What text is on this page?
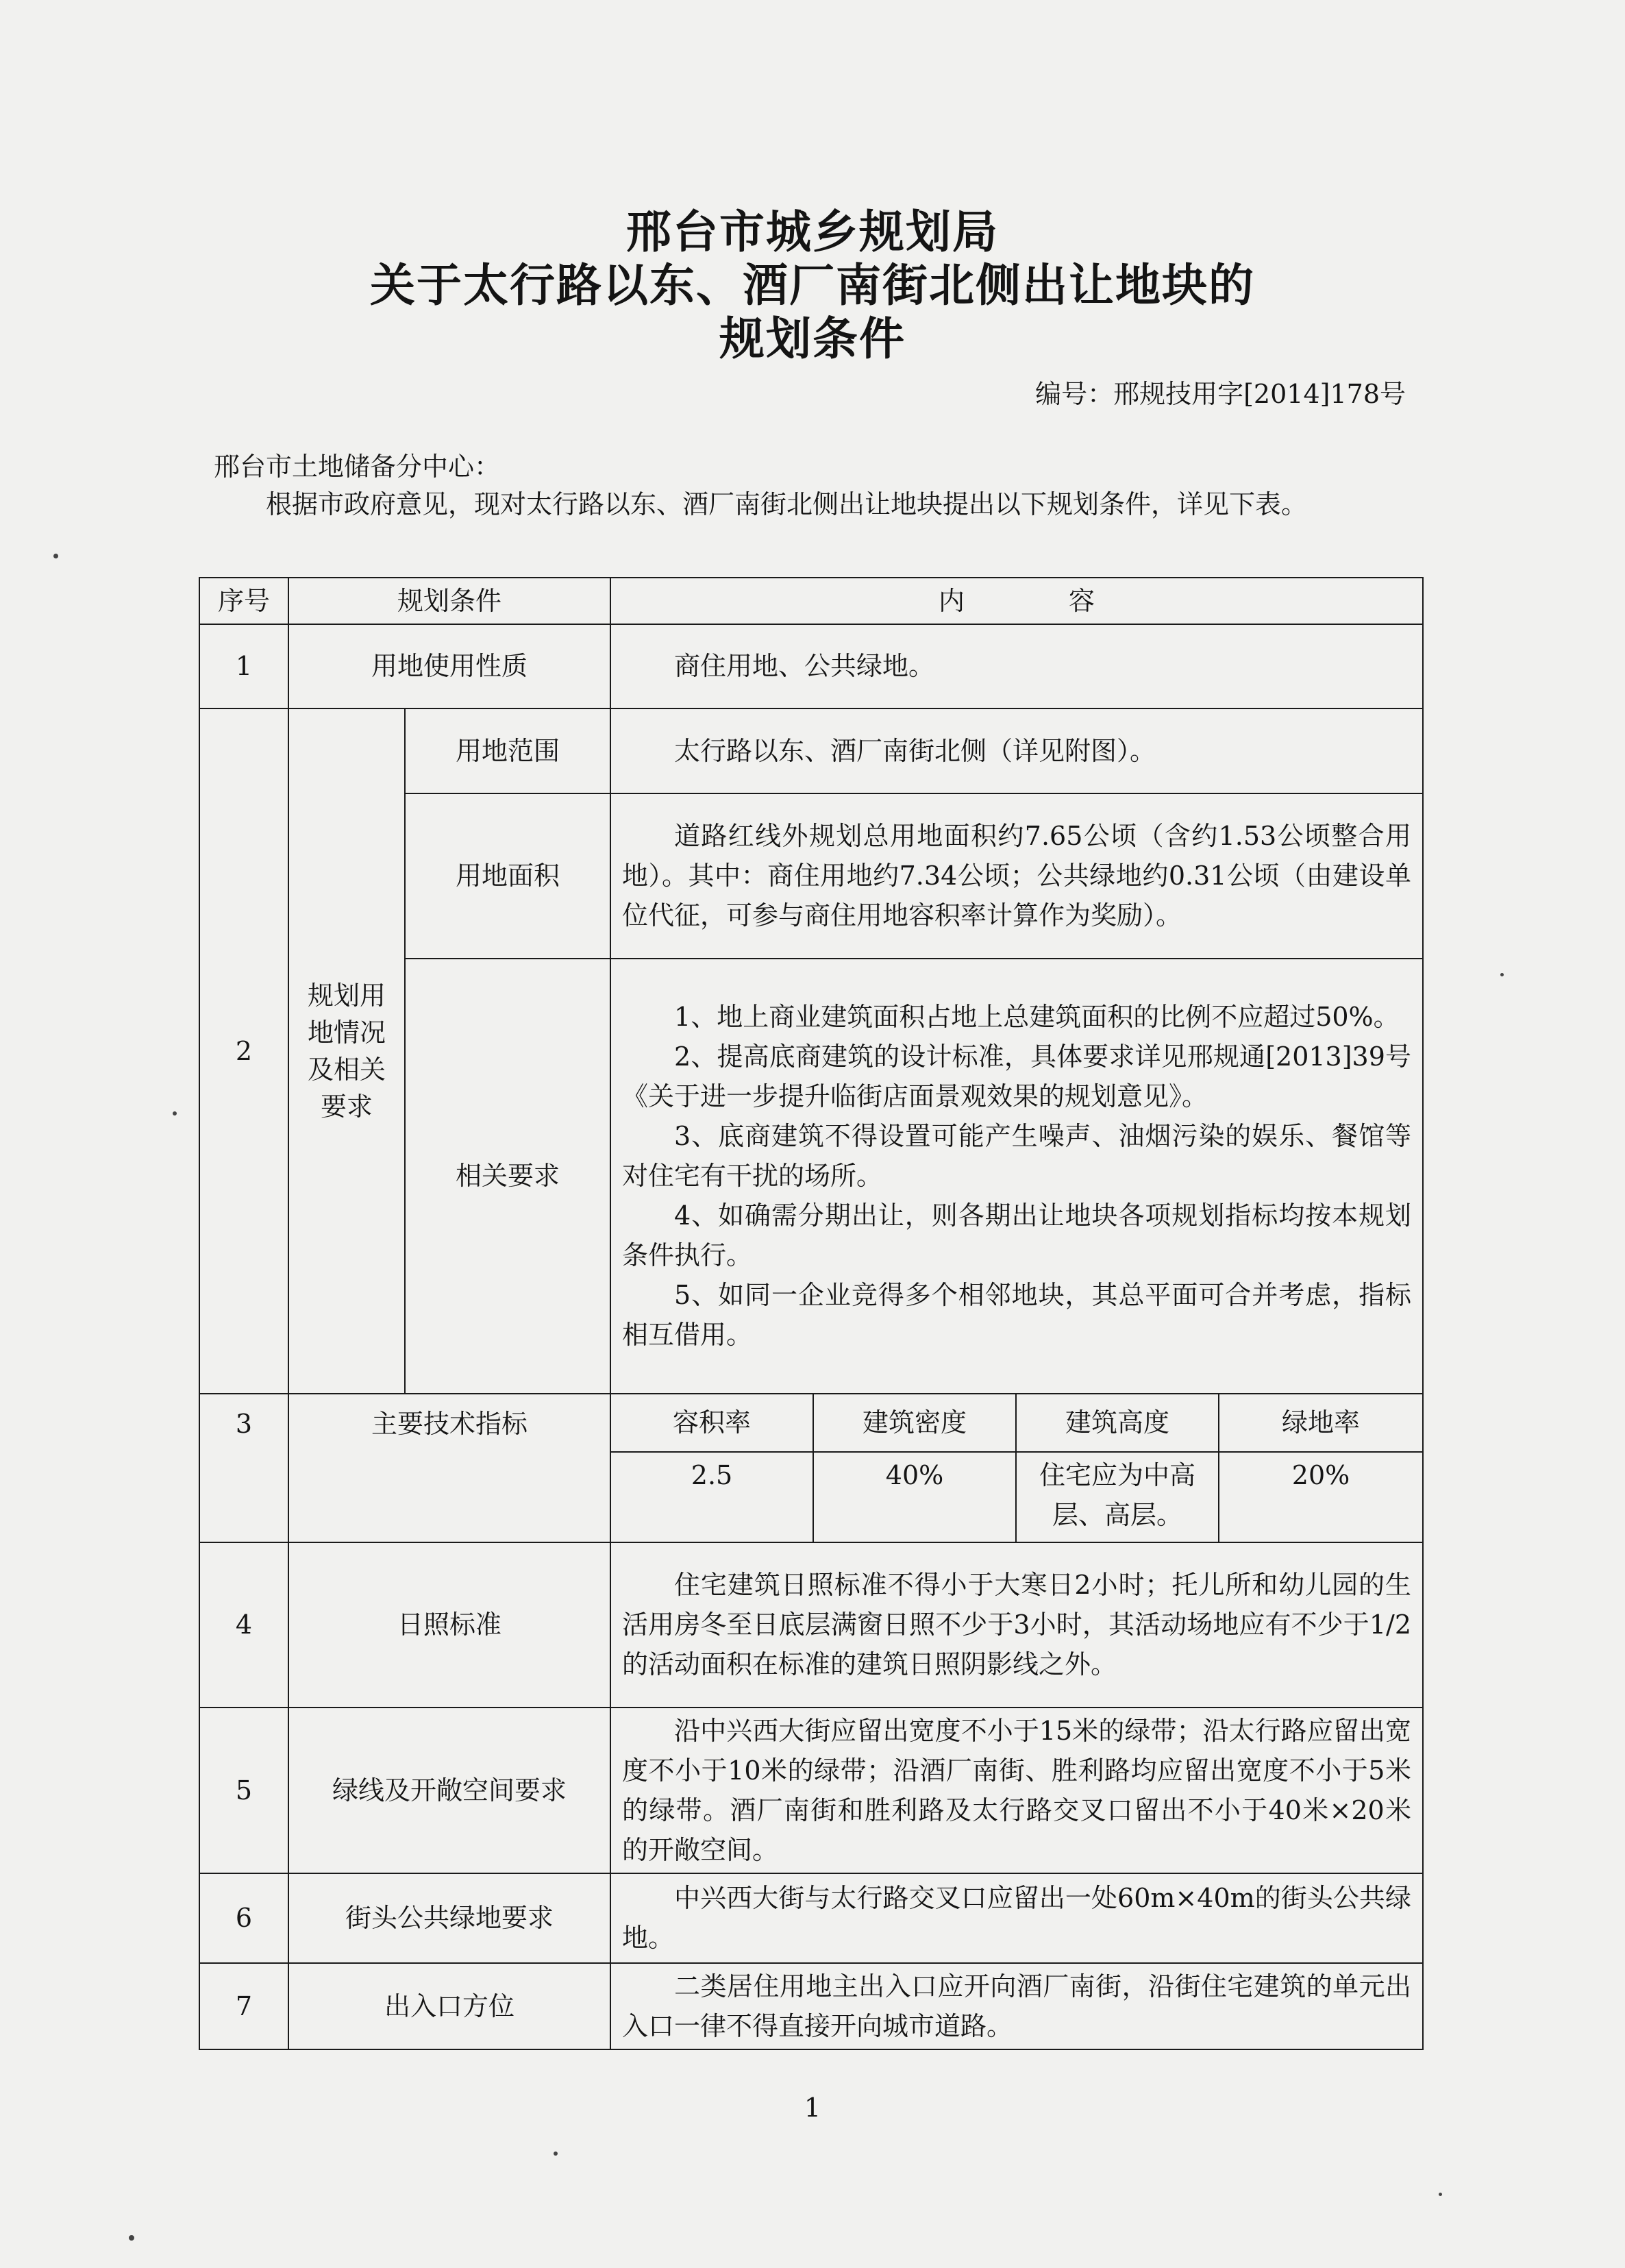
邢台市城乡规划局
关于太行路以东、酒厂南街北侧出让地块的
规划条件
编号：邢规技用字[2014]178号
邢台市土地储备分中心：
根据市政府意见，现对太行路以东、酒厂南街北侧出让地块提出以下规划条件，详见下表。
序号	规划条件		内　　　　容			
1	用地使用性质		商住用地、公共绿地。			

2	规划用地情况及相关要求	用地范围	太行路以东、酒厂南街北侧（详见附图）。			

		用地面积	道路红线外规划总用地面积约7.65公顷（含约1.53公顷整合用地）。其中：商住用地约7.34公顷；公共绿地约0.31公顷（由建设单位代征，可参与商住用地容积率计算作为奖励）。			

		相关要求	1、地上商业建筑面积占地上总建筑面积的比例不应超过50%。

2、提高底商建筑的设计标准，具体要求详见邢规通[2013]39号《关于进一步提升临街店面景观效果的规划意见》。

3、底商建筑不得设置可能产生噪声、油烟污染的娱乐、餐馆等对住宅有干扰的场所。

4、如确需分期出让，则各期出让地块各项规划指标均按本规划条件执行。

5、如同一企业竞得多个相邻地块，其总平面可合并考虑，指标相互借用。			

3	主要技术指标		容积率	建筑密度	建筑高度	绿地率
			2.5	40%	住宅应为中高层、高层。	20%
4	日照标准		住宅建筑日照标准不得小于大寒日2小时；托儿所和幼儿园的生活用房冬至日底层满窗日照不少于3小时，其活动场地应有不少于1/2的活动面积在标准的建筑日照阴影线之外。			

5	绿线及开敞空间要求		沿中兴西大街应留出宽度不小于15米的绿带；沿太行路应留出宽度不小于10米的绿带；沿酒厂南街、胜利路均应留出宽度不小于5米的绿带。酒厂南街和胜利路及太行路交叉口留出不小于40米×20米的开敞空间。			

6	街头公共绿地要求		中兴西大街与太行路交叉口应留出一处60m×40m的街头公共绿地。			

7	出入口方位		二类居住用地主出入口应开向酒厂南街，沿街住宅建筑的单元出入口一律不得直接开向城市道路。			

1
